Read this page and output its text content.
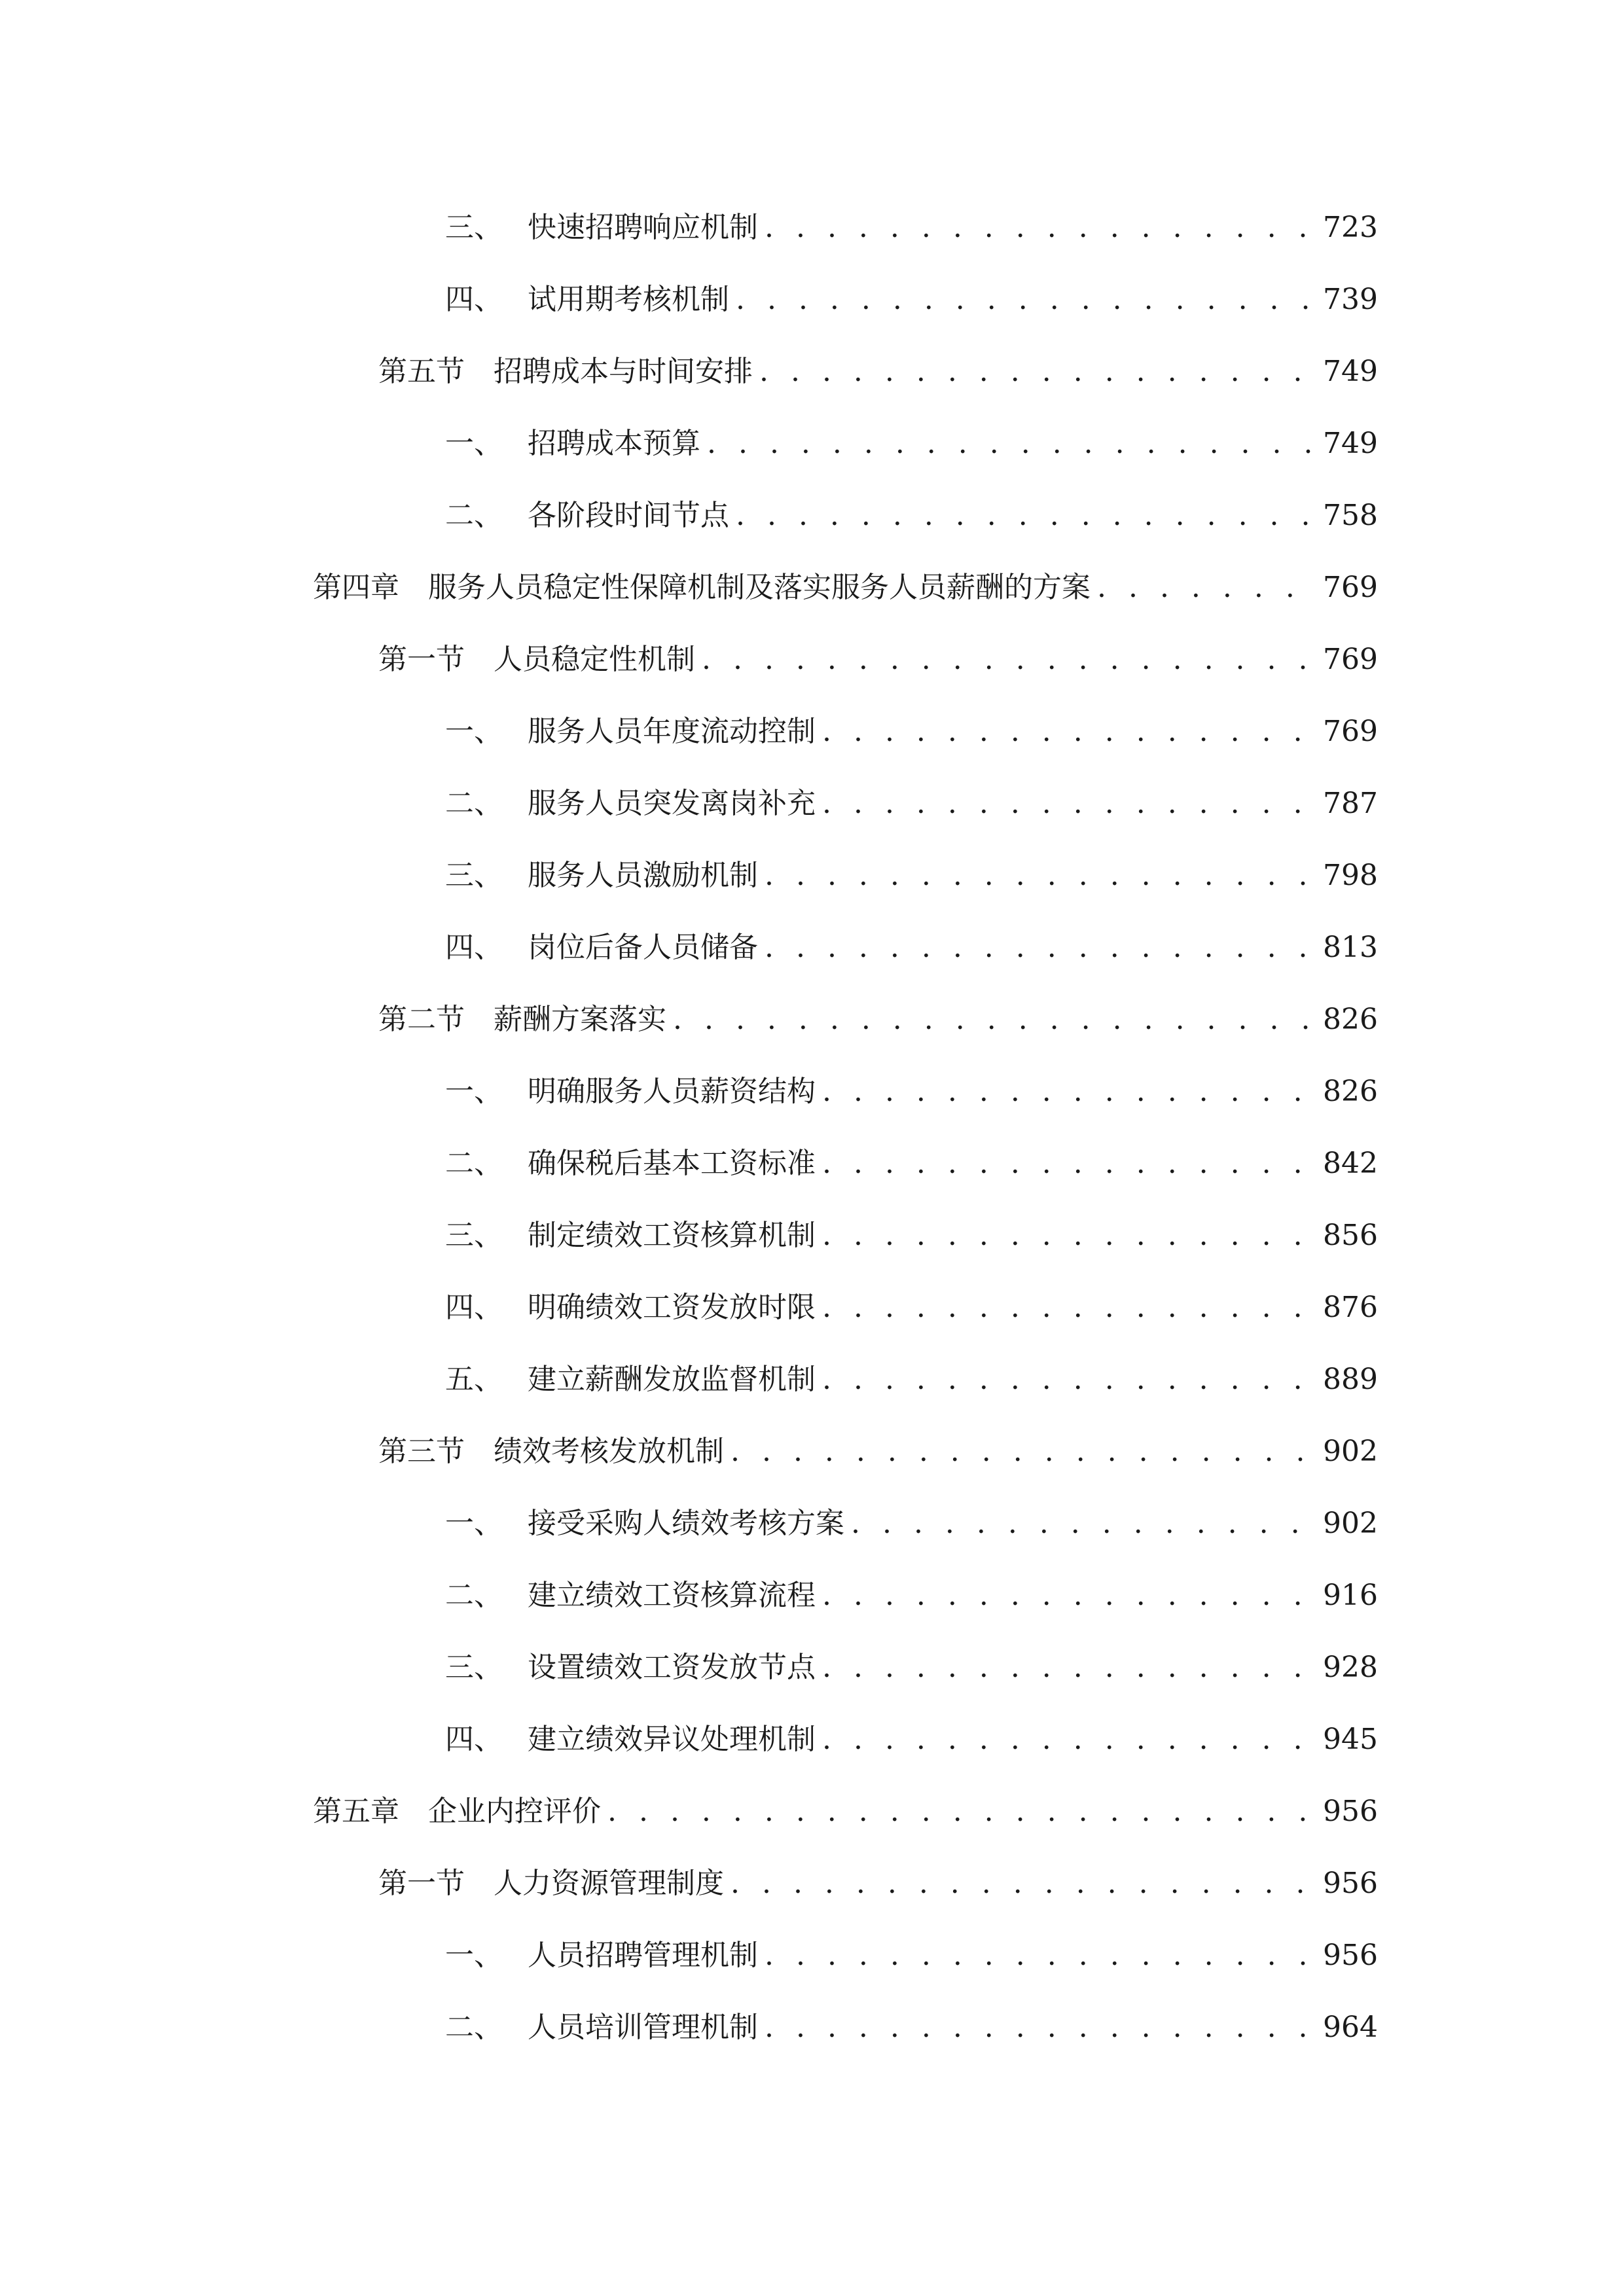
三、 快速招聘响应机制 . . .	723
四、 试用期考核机制 . . .	739
第五节	招聘成本与时间安排 . . .	749
一、 招聘成本预算 . . .	749
二、 各阶段时间节点 . . .	758
第四章	服务人员稳定性保障机制及落实服务人员薪酬的方案 . . .	769
第一节	人员稳定性机制 . . .	769
一、 服务人员年度流动控制 . . .	769
二、 服务人员突发离岗补充 . . .	787
三、 服务人员激励机制 . . .	798
四、 岗位后备人员储备 . . .	813
第二节	薪酬方案落实 . . .	826
一、 明确服务人员薪资结构 . . .	826
二、 确保税后基本工资标准 . . .	842
三、 制定绩效工资核算机制 . . .	856
四、 明确绩效工资发放时限 . . .	876
五、 建立薪酬发放监督机制 . . .	889
第三节	绩效考核发放机制 . . .	902
一、 接受采购人绩效考核方案 . . .	902
二、 建立绩效工资核算流程 . . .	916
三、 设置绩效工资发放节点 . . .	928
四、 建立绩效异议处理机制 . . .	945
第五章	企业内控评价 . . .	956
第一节	人力资源管理制度 . . .	956
一、 人员招聘管理机制 . . .	956
二、 人员培训管理机制 . . .	964
